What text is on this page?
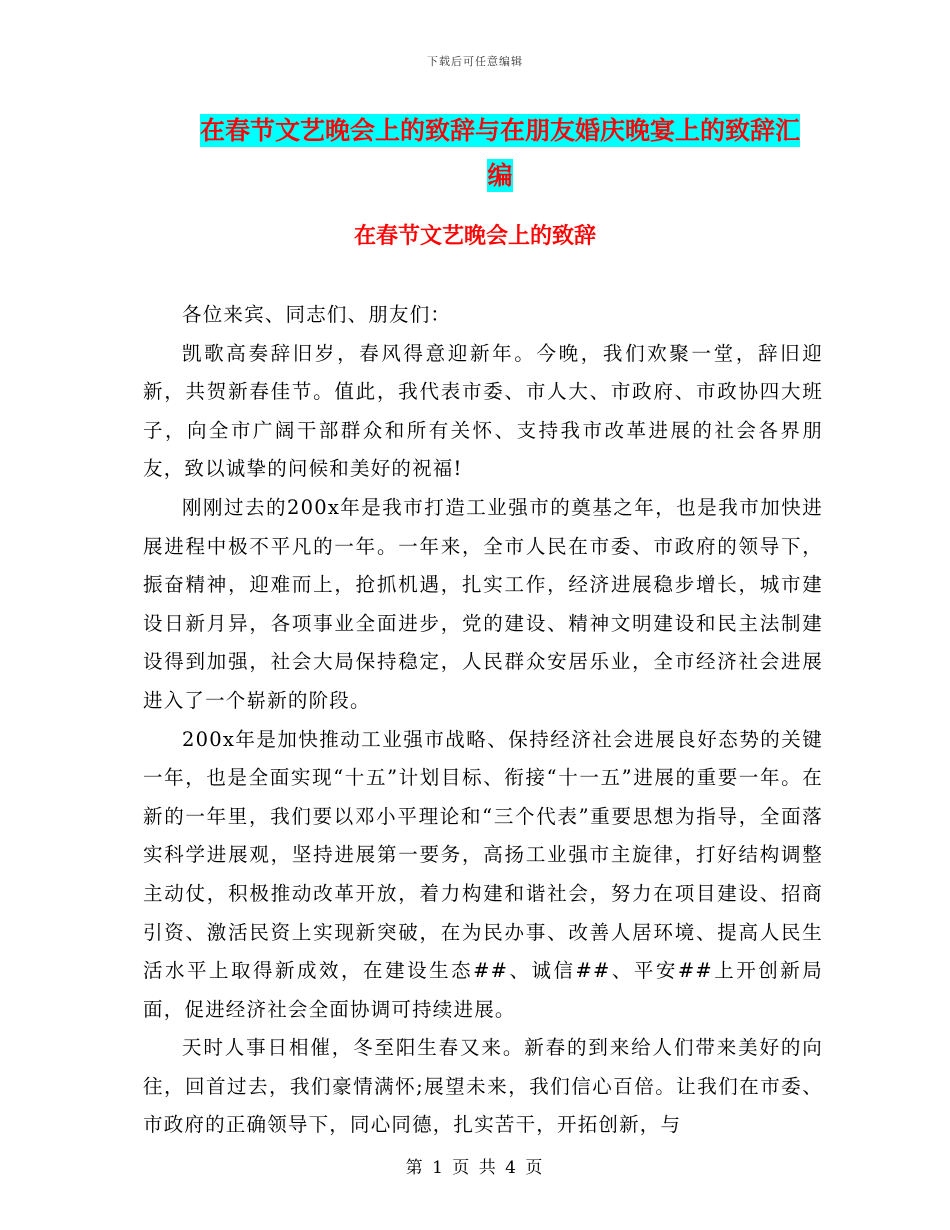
下载后可任意编辑
在春节文艺晚会上的致辞与在朋友婚庆晚宴上的致辞汇编
在春节文艺晚会上的致辞

各位来宾、同志们、朋友们：

凯歌高奏辞旧岁，春风得意迎新年。今晚，我们欢聚一堂，辞旧迎新，共贺新春佳节。值此，我代表市委、市人大、市政府、市政协四大班子，向全市广阔干部群众和所有关怀、支持我市改革进展的社会各界朋友，致以诚挚的问候和美好的祝福!

刚刚过去的200x年是我市打造工业强市的奠基之年，也是我市加快进展进程中极不平凡的一年。一年来，全市人民在市委、市政府的领导下，振奋精神，迎难而上，抢抓机遇，扎实工作，经济进展稳步增长，城市建设日新月异，各项事业全面进步，党的建设、精神文明建设和民主法制建设得到加强，社会大局保持稳定，人民群众安居乐业，全市经济社会进展进入了一个崭新的阶段。

200x年是加快推动工业强市战略、保持经济社会进展良好态势的关键一年，也是全面实现“十五”计划目标、衔接“十一五”进展的重要一年。在新的一年里，我们要以邓小平理论和“三个代表”重要思想为指导，全面落实科学进展观，坚持进展第一要务，高扬工业强市主旋律，打好结构调整主动仗，积极推动改革开放，着力构建和谐社会，努力在项目建设、招商引资、激活民资上实现新突破，在为民办事、改善人居环境、提高人民生活水平上取得新成效，在建设生态##、诚信##、平安##上开创新局面，促进经济社会全面协调可持续进展。

天时人事日相催，冬至阳生春又来。新春的到来给人们带来美好的向往，回首过去，我们豪情满怀;展望未来，我们信心百倍。让我们在市委、市政府的正确领导下，同心同德，扎实苦干，开拓创新，与

第 1 页 共 4 页
